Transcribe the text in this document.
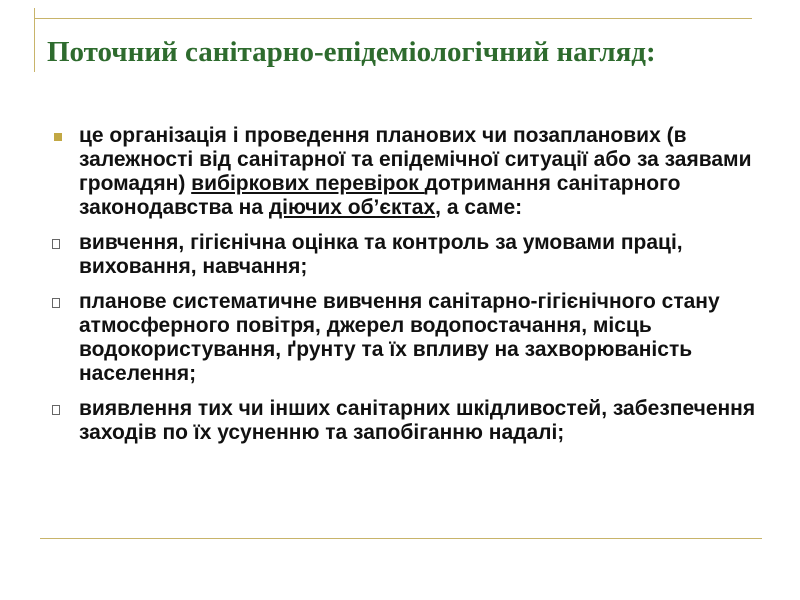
Поточний санітарно-епідеміологічний нагляд:
це організація і проведення планових чи позапланових (в залежності від санітарної та епідемічної ситуації або за заявами громадян) вибіркових перевірок дотримання санітарного законодавства на діючих об’єктах, а саме:
вивчення, гігієнічна оцінка та контроль за умовами праці, виховання, навчання;
планове систематичне вивчення санітарно-гігієнічного стану атмосферного повітря, джерел водопостачання, місць водокористування, ґрунту та їх впливу на захворюваність населення;
виявлення тих чи інших санітарних шкідливостей, забезпечення заходів по їх усуненню та запобіганню надалі;
